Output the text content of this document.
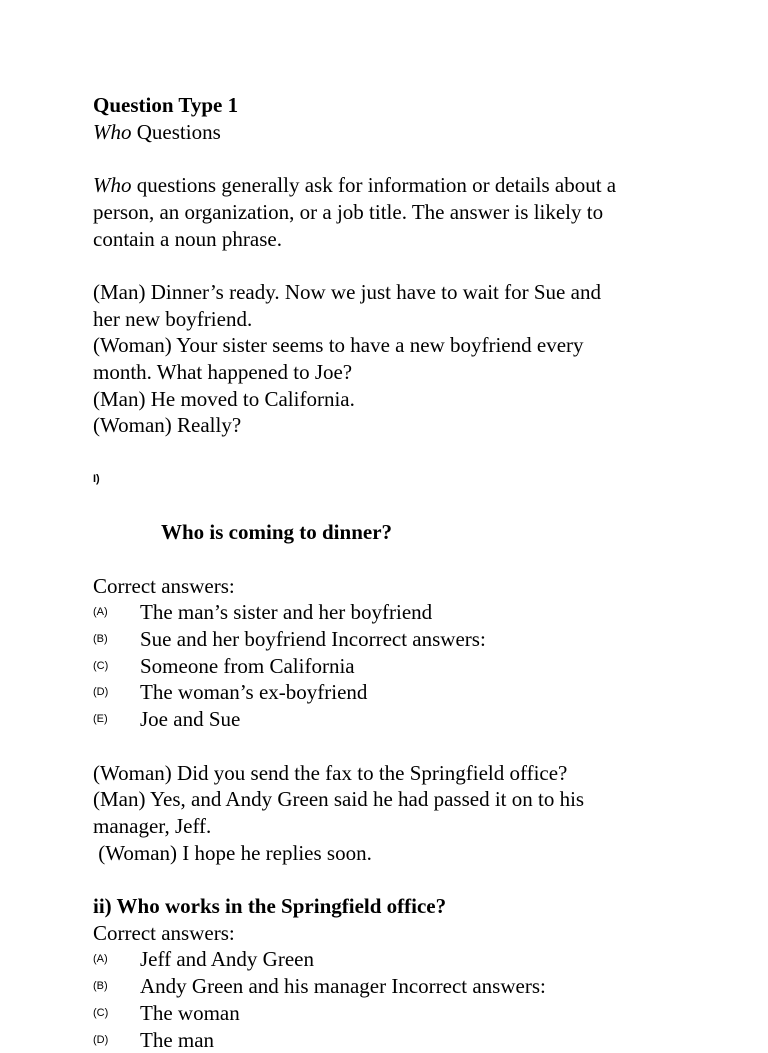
Question Type 1
Who Questions
Who questions generally ask for information or details about a
person, an organization, or a job title. The answer is likely to
contain a noun phrase.
(Man) Dinner’s ready. Now we just have to wait for Sue and
her new boyfriend.
(Woman) Your sister seems to have a new boyfriend every
month. What happened to Joe?
(Man) He moved to California.
(Woman) Really?

I)

Who is coming to dinner?

Correct answers:
(A) The man’s sister and her boyfriend
(B) Sue and her boyfriend Incorrect answers:
(C) Someone from California
(D) The woman’s ex-boyfriend
(E) Joe and Sue
(Woman) Did you send the fax to the Springfield office?
(Man) Yes, and Andy Green said he had passed it on to his
manager, Jeff.
(Woman) I hope he replies soon.
ii) Who works in the Springfield office?
Correct answers:
(A) Jeff and Andy Green
(B) Andy Green and his manager Incorrect answers:
(C) The woman
(D) The man
